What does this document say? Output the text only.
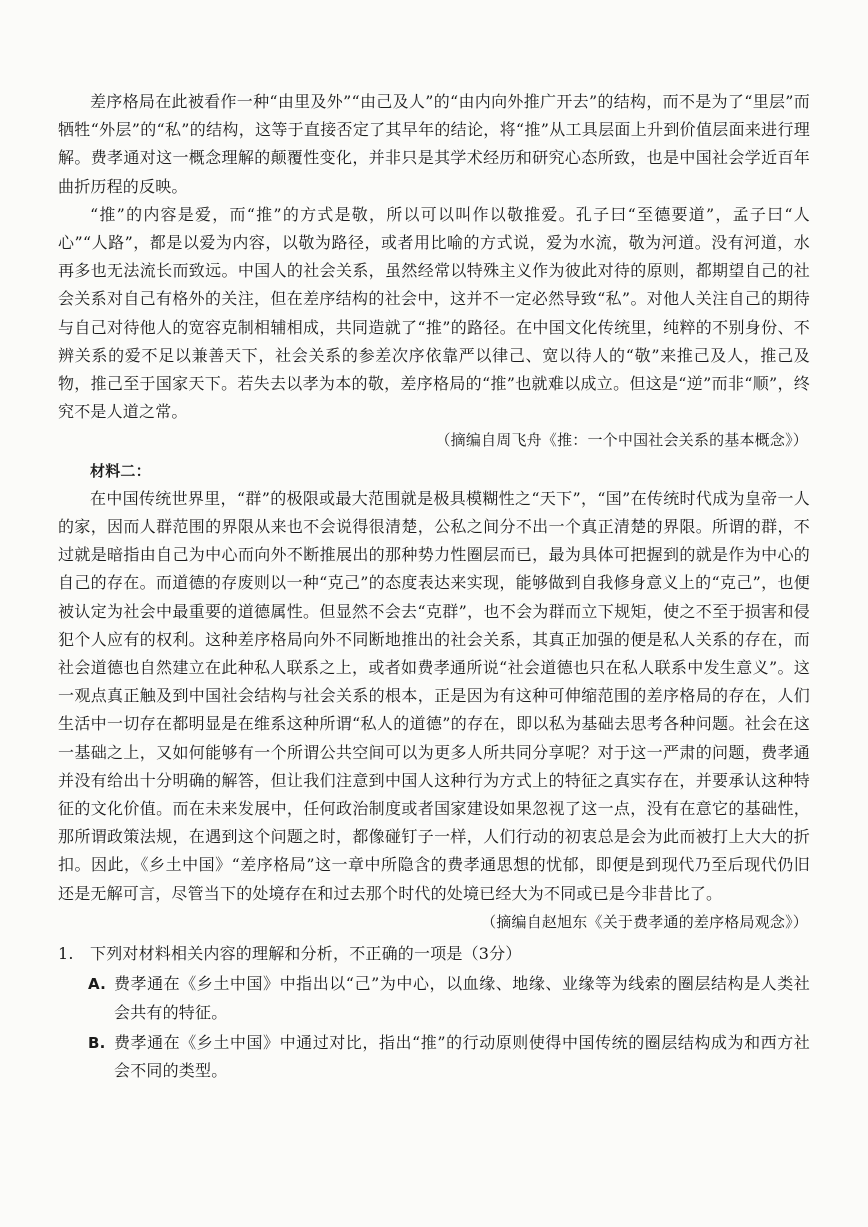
差序格局在此被看作一种“由里及外”“由己及人”的“由内向外推广开去”的结构，而不是为了“里层”而牺牲“外层”的“私”的结构，这等于直接否定了其早年的结论，将“推”从工具层面上升到价值层面来进行理解。费孝通对这一概念理解的颠覆性变化，并非只是其学术经历和研究心态所致，也是中国社会学近百年曲折历程的反映。

“推”的内容是爱，而“推”的方式是敬，所以可以叫作以敬推爱。孔子曰“至德要道”，孟子曰“人心”“人路”，都是以爱为内容，以敬为路径，或者用比喻的方式说，爱为水流，敬为河道。没有河道，水再多也无法流长而致远。中国人的社会关系，虽然经常以特殊主义作为彼此对待的原则，都期望自己的社会关系对自己有格外的关注，但在差序结构的社会中，这并不一定必然导致“私”。对他人关注自己的期待与自己对待他人的宽容克制相辅相成，共同造就了“推”的路径。在中国文化传统里，纯粹的不别身份、不辨关系的爱不足以兼善天下，社会关系的参差次序依靠严以律己、宽以待人的“敬”来推己及人，推己及物，推己至于国家天下。若失去以孝为本的敬，差序格局的“推”也就难以成立。但这是“逆”而非“顺”，终究不是人道之常。

（摘编自周飞舟《推：一个中国社会关系的基本概念》）

材料二：

在中国传统世界里，“群”的极限或最大范围就是极具模糊性之“天下”，“国”在传统时代成为皇帝一人的家，因而人群范围的界限从来也不会说得很清楚，公私之间分不出一个真正清楚的界限。所谓的群，不过就是暗指由自己为中心而向外不断推展出的那种势力性圈层而已，最为具体可把握到的就是作为中心的自己的存在。而道德的存废则以一种“克己”的态度表达来实现，能够做到自我修身意义上的“克己”，也便被认定为社会中最重要的道德属性。但显然不会去“克群”，也不会为群而立下规矩，使之不至于损害和侵犯个人应有的权利。这种差序格局向外不同断地推出的社会关系，其真正加强的便是私人关系的存在，而社会道德也自然建立在此种私人联系之上，或者如费孝通所说“社会道德也只在私人联系中发生意义”。这一观点真正触及到中国社会结构与社会关系的根本，正是因为有这种可伸缩范围的差序格局的存在，人们生活中一切存在都明显是在维系这种所谓“私人的道德”的存在，即以私为基础去思考各种问题。社会在这一基础之上，又如何能够有一个所谓公共空间可以为更多人所共同分享呢？对于这一严肃的问题，费孝通并没有给出十分明确的解答，但让我们注意到中国人这种行为方式上的特征之真实存在，并要承认这种特征的文化价值。而在未来发展中，任何政治制度或者国家建设如果忽视了这一点，没有在意它的基础性，那所谓政策法规，在遇到这个问题之时，都像碰钉子一样，人们行动的初衷总是会为此而被打上大大的折扣。因此，《乡土中国》“差序格局”这一章中所隐含的费孝通思想的忧郁，即便是到现代乃至后现代仍旧还是无解可言，尽管当下的处境存在和过去那个时代的处境已经大为不同或已是今非昔比了。

（摘编自赵旭东《关于费孝通的差序格局观念》）

1. 下列对材料相关内容的理解和分析，不正确的一项是（3分）
A. 费孝通在《乡土中国》中指出以“己”为中心，以血缘、地缘、业缘等为线索的圈层结构是人类社会共有的特征。
B. 费孝通在《乡土中国》中通过对比，指出“推”的行动原则使得中国传统的圈层结构成为和西方社会不同的类型。
